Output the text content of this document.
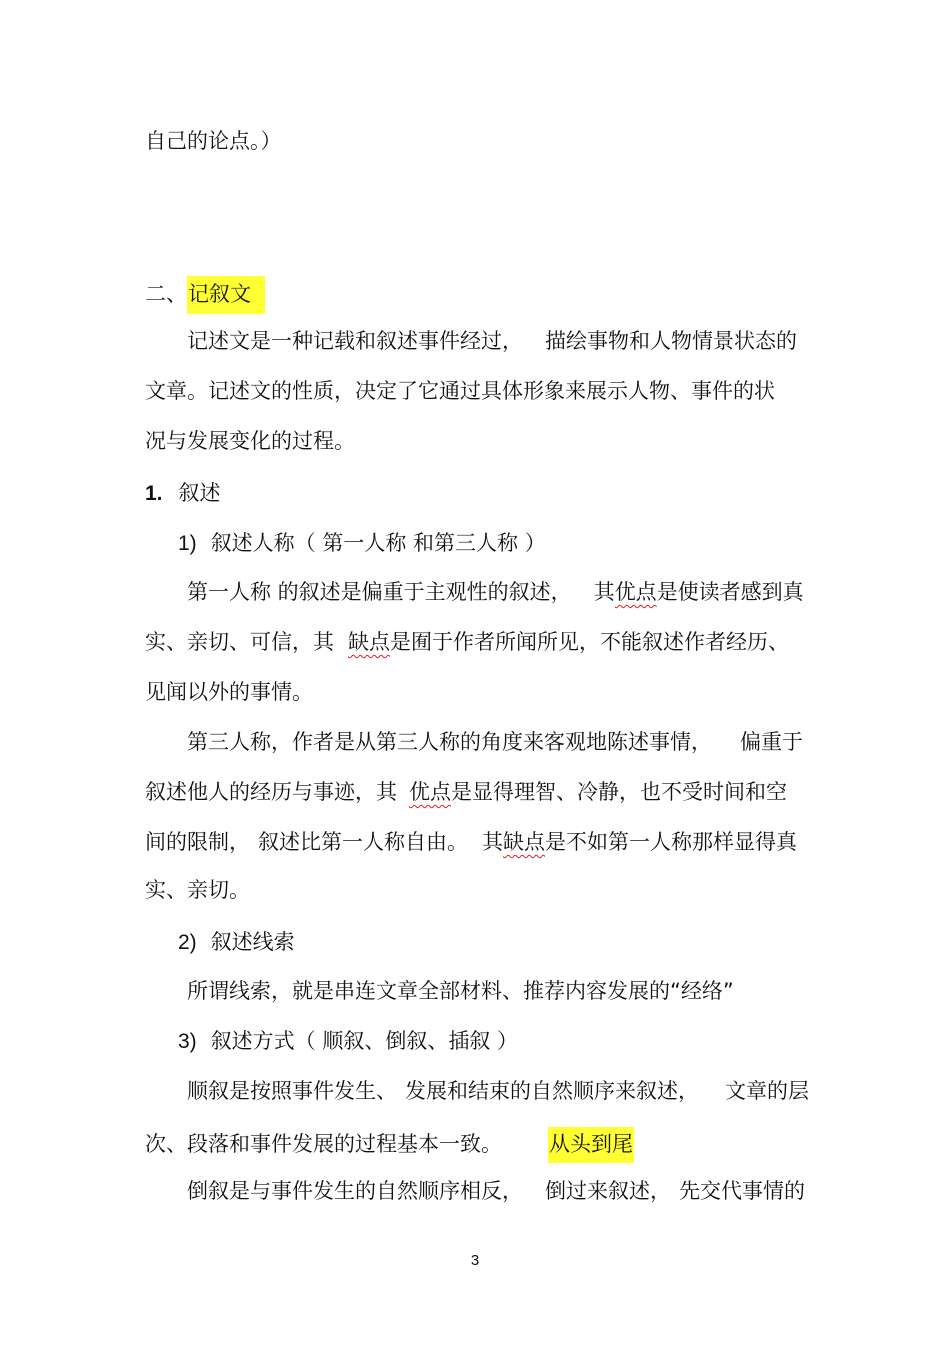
自己的论点。）

二、记叙文

记述文是一种记载和叙述事件经过， 描绘事物和人物情景状态的

文章。记述文的性质，决定了它通过具体形象来展示人物、事件的状

况与发展变化的过程。

1. 叙述

1) 叙述人称（ 第一人称 和第三人称 ）

第一人称 的叙述是偏重于主观性的叙述， 其优点是使读者感到真

实、亲切、可信，其 缺点是囿于作者所闻所见，不能叙述作者经历、

见闻以外的事情。

第三人称，作者是从第三人称的角度来客观地陈述事情， 偏重于

叙述他人的经历与事迹，其 优点是显得理智、冷静，也不受时间和空

间的限制， 叙述比第一人称自由。 其缺点是不如第一人称那样显得真

实、亲切。

2) 叙述线索

所谓线索，就是串连文章全部材料、推荐内容发展的“经络”

3) 叙述方式（ 顺叙、倒叙、插叙 ）

顺叙是按照事件发生、 发展和结束的自然顺序来叙述， 文章的层

次、段落和事件发展的过程基本一致。 从头到尾

倒叙是与事件发生的自然顺序相反， 倒过来叙述， 先交代事情的

3
